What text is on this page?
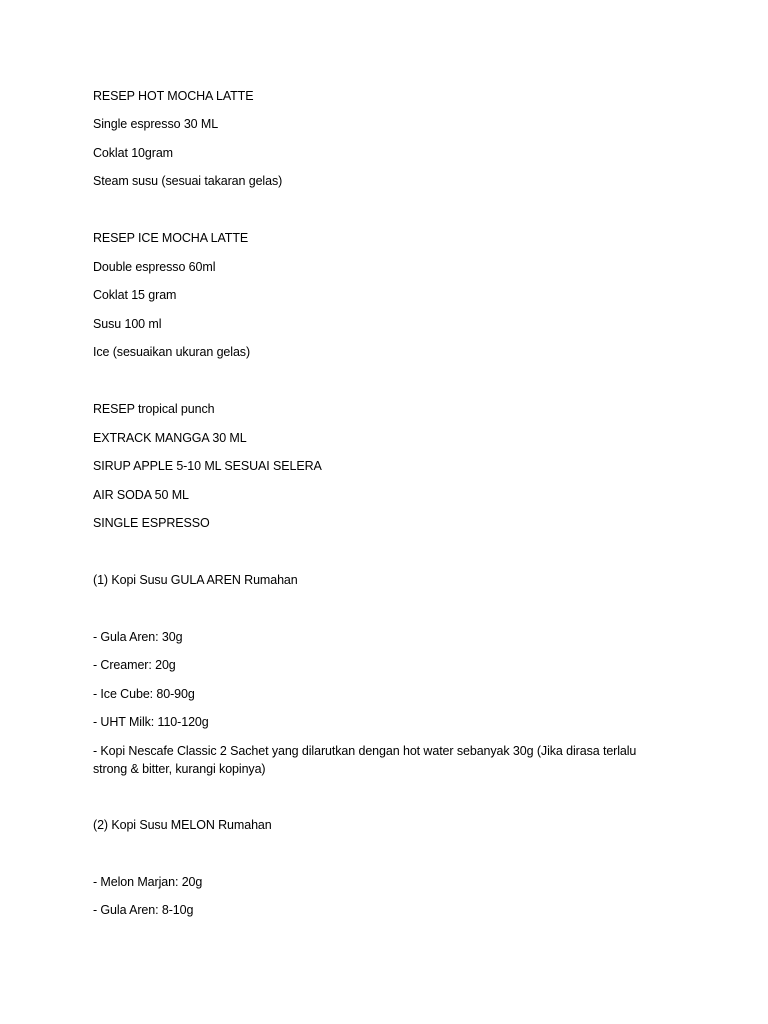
RESEP HOT MOCHA LATTE
Single espresso 30 ML
Coklat 10gram
Steam susu (sesuai takaran gelas)
RESEP ICE MOCHA LATTE
Double espresso 60ml
Coklat 15 gram
Susu 100 ml
Ice (sesuaikan ukuran gelas)
RESEP tropical punch
EXTRACK MANGGA 30 ML
SIRUP APPLE 5-10 ML SESUAI SELERA
AIR SODA 50 ML
SINGLE ESPRESSO
(1) Kopi Susu GULA AREN Rumahan
- Gula Aren: 30g
- Creamer: 20g
- Ice Cube: 80-90g
- UHT Milk: 110-120g
- Kopi Nescafe Classic 2 Sachet yang dilarutkan dengan hot water sebanyak 30g (Jika dirasa terlalu strong & bitter, kurangi kopinya)
(2) Kopi Susu MELON Rumahan
- Melon Marjan: 20g
- Gula Aren: 8-10g
